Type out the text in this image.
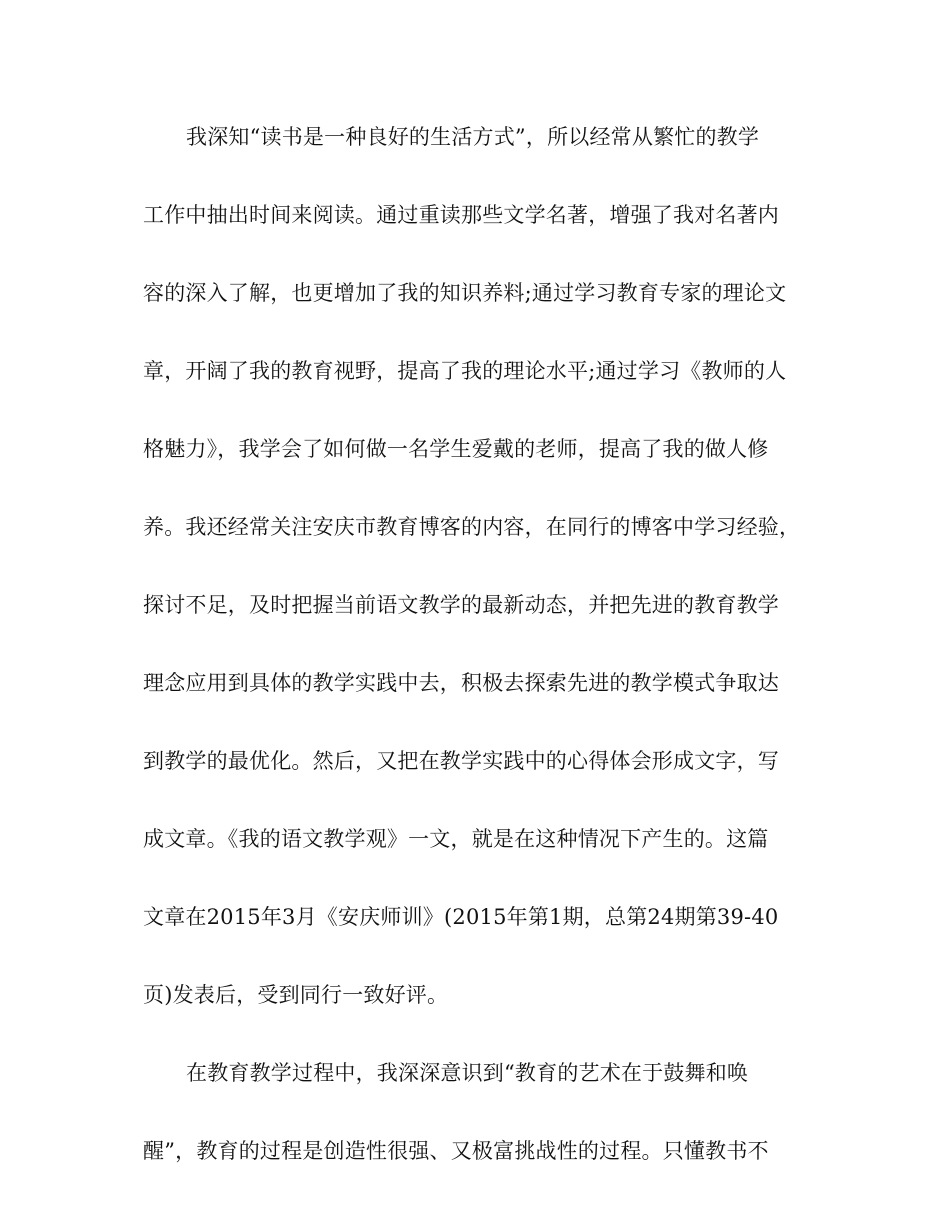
我深知“读书是一种良好的生活方式”，所以经常从繁忙的教学
工作中抽出时间来阅读。通过重读那些文学名著，增强了我对名著内
容的深入了解，也更增加了我的知识养料;通过学习教育专家的理论文
章，开阔了我的教育视野，提高了我的理论水平;通过学习《教师的人
格魅力》，我学会了如何做一名学生爱戴的老师，提高了我的做人修
养。我还经常关注安庆市教育博客的内容，在同行的博客中学习经验，
探讨不足，及时把握当前语文教学的最新动态，并把先进的教育教学
理念应用到具体的教学实践中去，积极去探索先进的教学模式争取达
到教学的最优化。然后，又把在教学实践中的心得体会形成文字，写
成文章。《我的语文教学观》一文，就是在这种情况下产生的。这篇
文章在2015年3月《安庆师训》(2015年第1期，总第24期第39-40
页)发表后，受到同行一致好评。
在教育教学过程中，我深深意识到“教育的艺术在于鼓舞和唤
醒”，教育的过程是创造性很强、又极富挑战性的过程。只懂教书不
